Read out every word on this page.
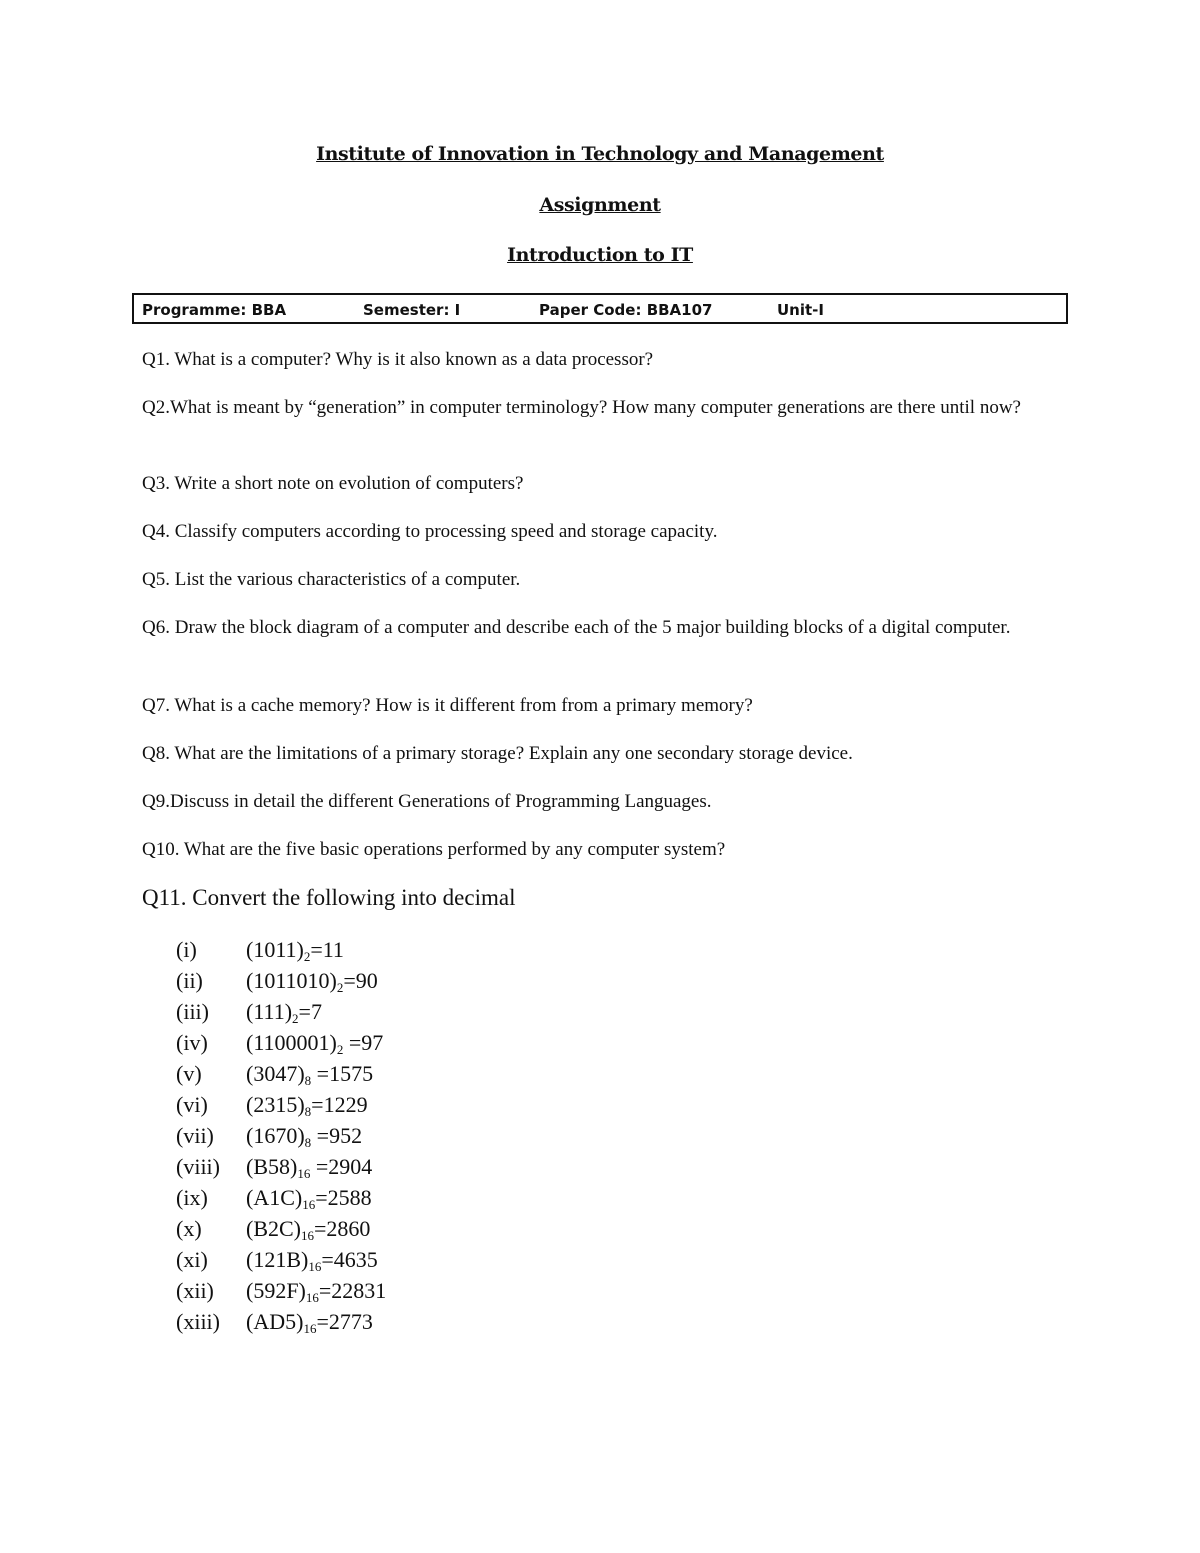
Institute of Innovation in Technology and Management
Assignment
Introduction to IT
Programme: BBA	Semester: I	Paper Code: BBA107	Unit-I
Q1. What is a computer? Why is it also known as a data processor?
Q2.What is meant by “generation” in computer terminology? How many computer generations are there until now?
Q3. Write a short note on evolution of computers?
Q4. Classify computers according to processing speed and storage capacity.
Q5. List the various characteristics of a computer.
Q6. Draw the block diagram of a computer and describe each of the 5 major building blocks of a digital computer.
Q7. What is a cache memory? How is it different from from a primary memory?
Q8. What are the limitations of a primary storage? Explain any one secondary storage device.
Q9.Discuss in detail the different Generations of Programming Languages.
Q10. What are the five basic operations performed by any computer system?
Q11. Convert the following into decimal
(i) $(1011)_2=11$
(ii) $(1011010)_2=90$
(iii) $(111)_2=7$
(iv) $(1100001)_2 =97$
(v) $(3047)_8 =1575$
(vi) $(2315)_8=1229$
(vii) $(1670)_8 =952$
(viii) $(B58)_{16} =2904$
(ix) $(A1C)_{16}=2588$
(x) $(B2C)_{16}=2860$
(xi) $(121B)_{16}=4635$
(xii) $(592F)_{16}=22831$
(xiii) $(AD5)_{16}=2773$
